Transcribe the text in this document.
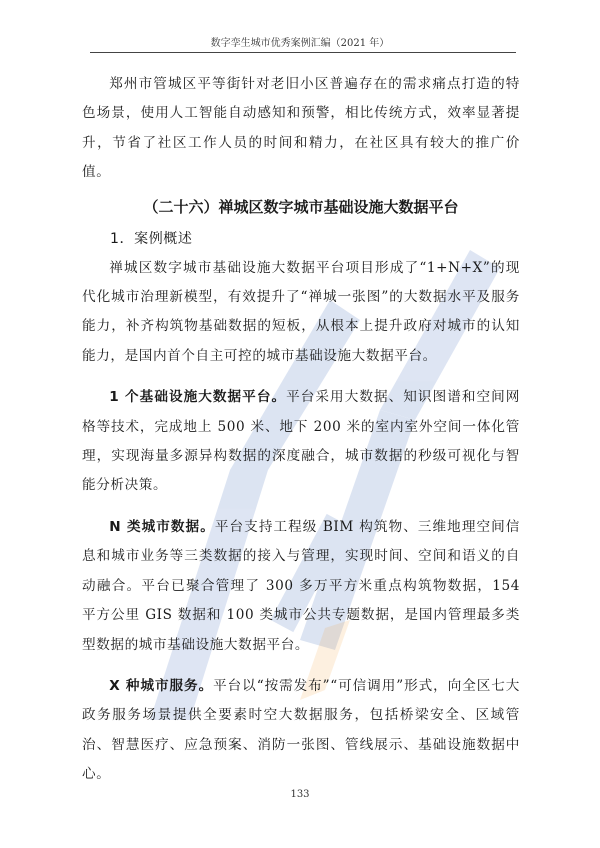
数字孪生城市优秀案例汇编（2021 年）

郑州市管城区平等街针对老旧小区普遍存在的需求痛点打造的特色场景，使用人工智能自动感知和预警，相比传统方式，效率显著提升，节省了社区工作人员的时间和精力，在社区具有较大的推广价值。

（二十六）禅城区数字城市基础设施大数据平台

1．案例概述

禅城区数字城市基础设施大数据平台项目形成了“1+N+X”的现代化城市治理新模型，有效提升了“禅城一张图”的大数据水平及服务能力，补齐构筑物基础数据的短板，从根本上提升政府对城市的认知能力，是国内首个自主可控的城市基础设施大数据平台。

1 个基础设施大数据平台。平台采用大数据、知识图谱和空间网格等技术，完成地上 500 米、地下 200 米的室内室外空间一体化管理，实现海量多源异构数据的深度融合，城市数据的秒级可视化与智能分析决策。

N 类城市数据。平台支持工程级 BIM 构筑物、三维地理空间信息和城市业务等三类数据的接入与管理，实现时间、空间和语义的自动融合。平台已聚合管理了 300 多万平方米重点构筑物数据，154 平方公里 GIS 数据和 100 类城市公共专题数据，是国内管理最多类型数据的城市基础设施大数据平台。

X 种城市服务。平台以“按需发布”“可信调用”形式，向全区七大政务服务场景提供全要素时空大数据服务，包括桥梁安全、区域管治、智慧医疗、应急预案、消防一张图、管线展示、基础设施数据中心。

133
